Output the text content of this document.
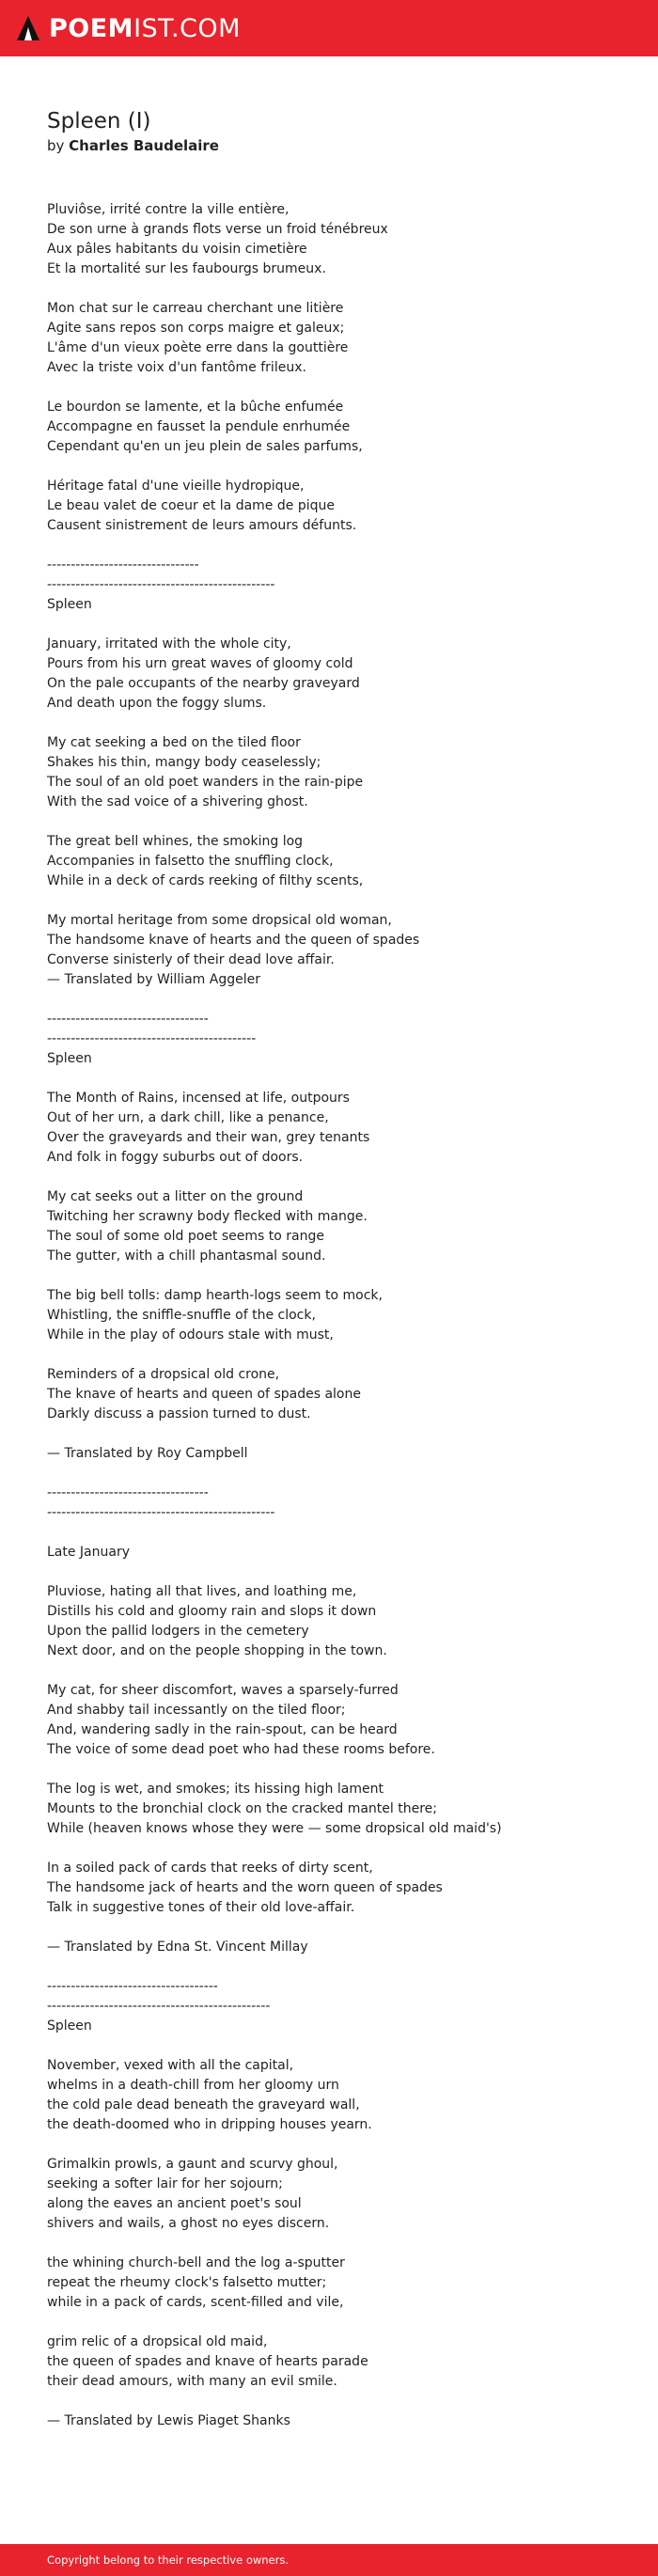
POEMIST.COM
Spleen (I)
by Charles Baudelaire
Pluviôse, irrité contre la ville entière,
De son urne à grands flots verse un froid ténébreux
Aux pâles habitants du voisin cimetière
Et la mortalité sur les faubourgs brumeux.

Mon chat sur le carreau cherchant une litière
Agite sans repos son corps maigre et galeux;
L'âme d'un vieux poète erre dans la gouttière
Avec la triste voix d'un fantôme frileux.

Le bourdon se lamente, et la bûche enfumée
Accompagne en fausset la pendule enrhumée
Cependant qu'en un jeu plein de sales parfums,

Héritage fatal d'une vieille hydropique,
Le beau valet de coeur et la dame de pique
Causent sinistrement de leurs amours défunts.

--------------------------------
------------------------------------------------
Spleen

January, irritated with the whole city,
Pours from his urn great waves of gloomy cold
On the pale occupants of the nearby graveyard
And death upon the foggy slums.

My cat seeking a bed on the tiled floor
Shakes his thin, mangy body ceaselessly;
The soul of an old poet wanders in the rain-pipe
With the sad voice of a shivering ghost.

The great bell whines, the smoking log
Accompanies in falsetto the snuffling clock,
While in a deck of cards reeking of filthy scents,

My mortal heritage from some dropsical old woman,
The handsome knave of hearts and the queen of spades
Converse sinisterly of their dead love affair.
— Translated by William Aggeler

----------------------------------
--------------------------------------------
Spleen

The Month of Rains, incensed at life, outpours
Out of her urn, a dark chill, like a penance,
Over the graveyards and their wan, grey tenants
And folk in foggy suburbs out of doors.

My cat seeks out a litter on the ground
Twitching her scrawny body flecked with mange.
The soul of some old poet seems to range
The gutter, with a chill phantasmal sound.

The big bell tolls: damp hearth-logs seem to mock,
Whistling, the sniffle-snuffle of the clock,
While in the play of odours stale with must,

Reminders of a dropsical old crone,
The knave of hearts and queen of spades alone
Darkly discuss a passion turned to dust.

— Translated by Roy Campbell

----------------------------------
------------------------------------------------

Late January

Pluviose, hating all that lives, and loathing me,
Distills his cold and gloomy rain and slops it down
Upon the pallid lodgers in the cemetery
Next door, and on the people shopping in the town.

My cat, for sheer discomfort, waves a sparsely-furred
And shabby tail incessantly on the tiled floor;
And, wandering sadly in the rain-spout, can be heard
The voice of some dead poet who had these rooms before.

The log is wet, and smokes; its hissing high lament
Mounts to the bronchial clock on the cracked mantel there;
While (heaven knows whose they were — some dropsical old maid's)

In a soiled pack of cards that reeks of dirty scent,
The handsome jack of hearts and the worn queen of spades
Talk in suggestive tones of their old love-affair.

— Translated by Edna St. Vincent Millay

------------------------------------
-----------------------------------------------
Spleen

November, vexed with all the capital,
whelms in a death-chill from her gloomy urn
the cold pale dead beneath the graveyard wall,
the death-doomed who in dripping houses yearn.

Grimalkin prowls, a gaunt and scurvy ghoul,
seeking a softer lair for her sojourn;
along the eaves an ancient poet's soul
shivers and wails, a ghost no eyes discern.

the whining church-bell and the log a-sputter
repeat the rheumy clock's falsetto mutter;
while in a pack of cards, scent-filled and vile,

grim relic of a dropsical old maid,
the queen of spades and knave of hearts parade
their dead amours, with many an evil smile.

— Translated by Lewis Piaget Shanks
Copyright belong to their respective owners.
